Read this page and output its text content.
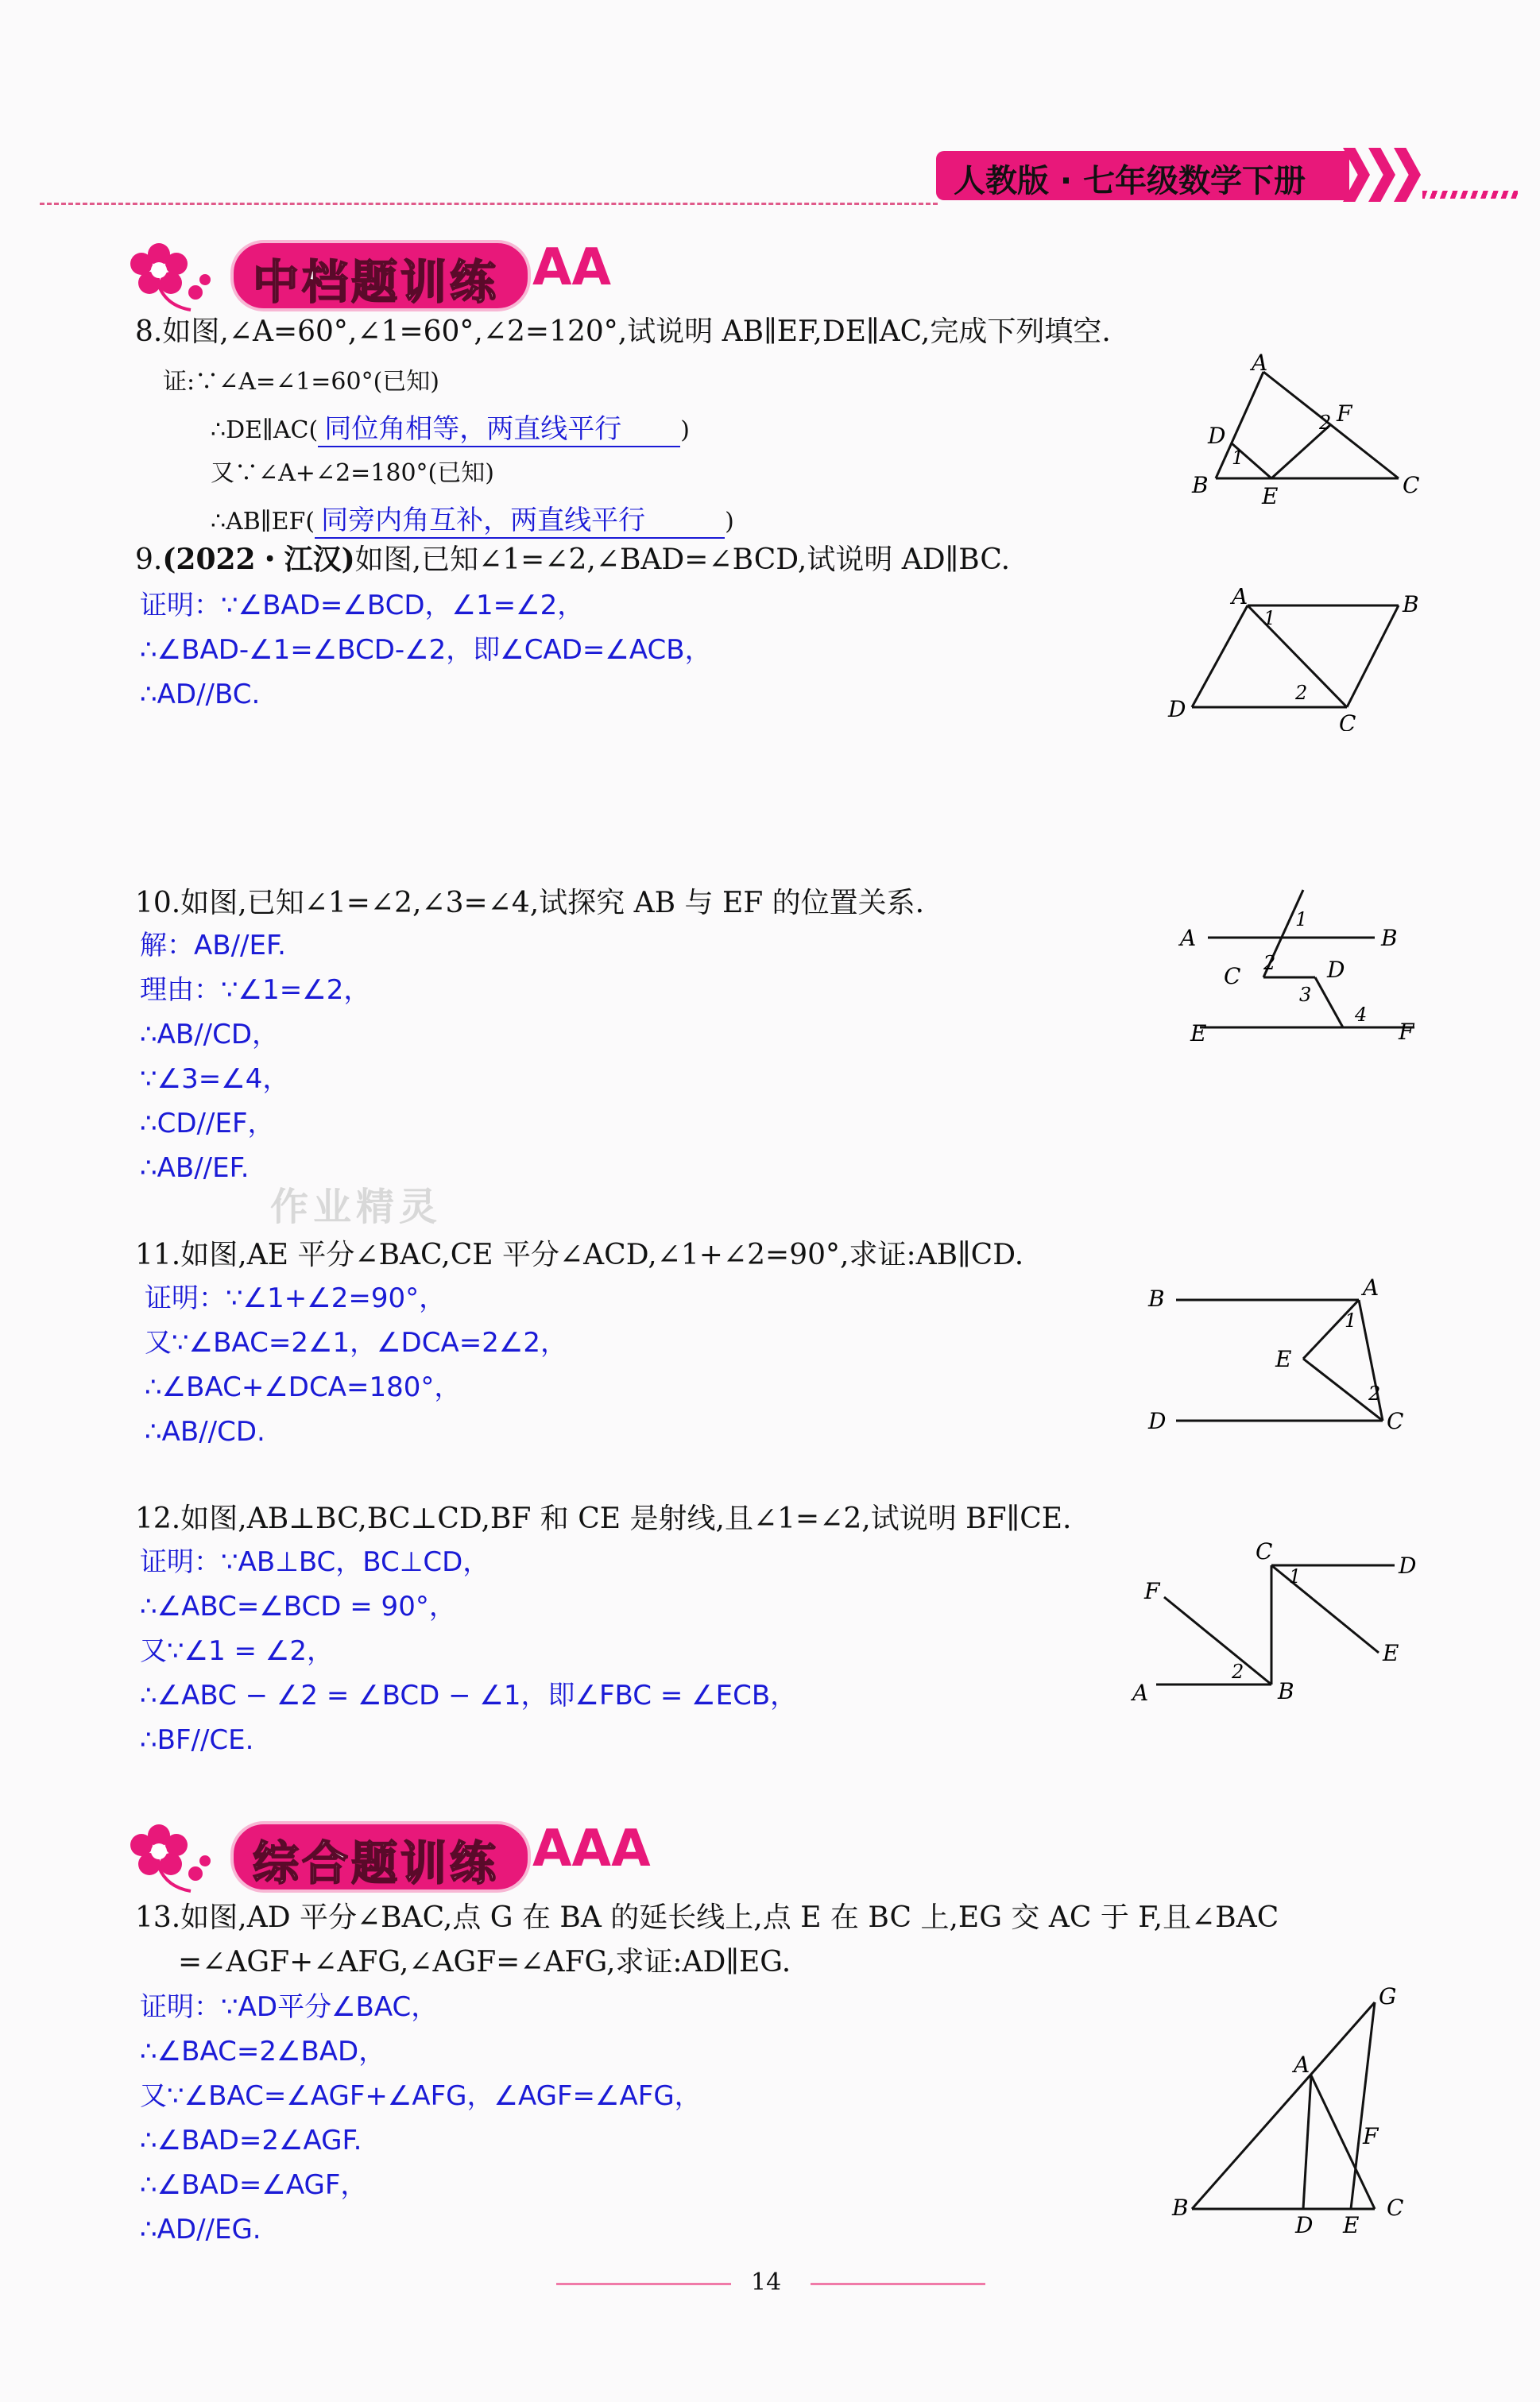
人教版 · 七年级数学下册
中档题训练 AA
8.如图,∠A=60°,∠1=60°,∠2=120°,试说明 AB∥EF,DE∥AC,完成下列填空.
证:∵∠A=∠1=60°(已知)
∴DE∥AC( 同位角相等，两直线平行 )
又∵∠A+∠2=180°(已知)
∴AB∥EF( 同旁内角互补，两直线平行	)
A
F
2
D
1
B E	C
9.(2022・江汉)如图,已知∠1=∠2,∠BAD=∠BCD,试说明 AD∥BC.
证明：∵∠BAD=∠BCD，∠1=∠2，
∴∠BAD-∠1=∠BCD-∠2，即∠CAD=∠ACB，
∴AD//BC.
A
1
B
D
2
C
10.如图,已知∠1=∠2,∠3=∠4,试探究 AB 与 EF 的位置关系.
解：AB//EF.
理由：∵∠1=∠2，
∴AB//CD，
∵∠3=∠4，
∴CD//EF，
∴AB//EF.
A
1
B
C 2 D
3
4
E	F
作业精灵
11.如图,AE 平分∠BAC,CE 平分∠ACD,∠1+∠2=90°,求证:AB∥CD.
证明：∵∠1+∠2=90°，
又∵∠BAC=2∠1，∠DCA=2∠2，
∴∠BAC+∠DCA=180°，
∴AB//CD.
B	A
1
E
2
D	C
12.如图,AB⊥BC,BC⊥CD,BF 和 CE 是射线,且∠1=∠2,试说明 BF∥CE.
证明：∵AB⊥BC，BC⊥CD，
∴∠ABC=∠BCD = 90°，
又∵∠1 = ∠2，
∴∠ABC − ∠2 = ∠BCD − ∠1，即∠FBC = ∠ECB，
∴BF//CE.
C
1	D
F
E
2
A	B
综合题训练 AAA
13.如图,AD 平分∠BAC,点 G 在 BA 的延长线上,点 E 在 BC 上,EG 交 AC 于 F,且∠BAC
=∠AGF+∠AFG,∠AGF=∠AFG,求证:AD∥EG.
证明：∵AD平分∠BAC，
∴∠BAC=2∠BAD，
又∵∠BAC=∠AGF+∠AFG，∠AGF=∠AFG，
∴∠BAD=2∠AGF.
∴∠BAD=∠AGF，
∴AD//EG.
G
A
F
B
D E
C
14
